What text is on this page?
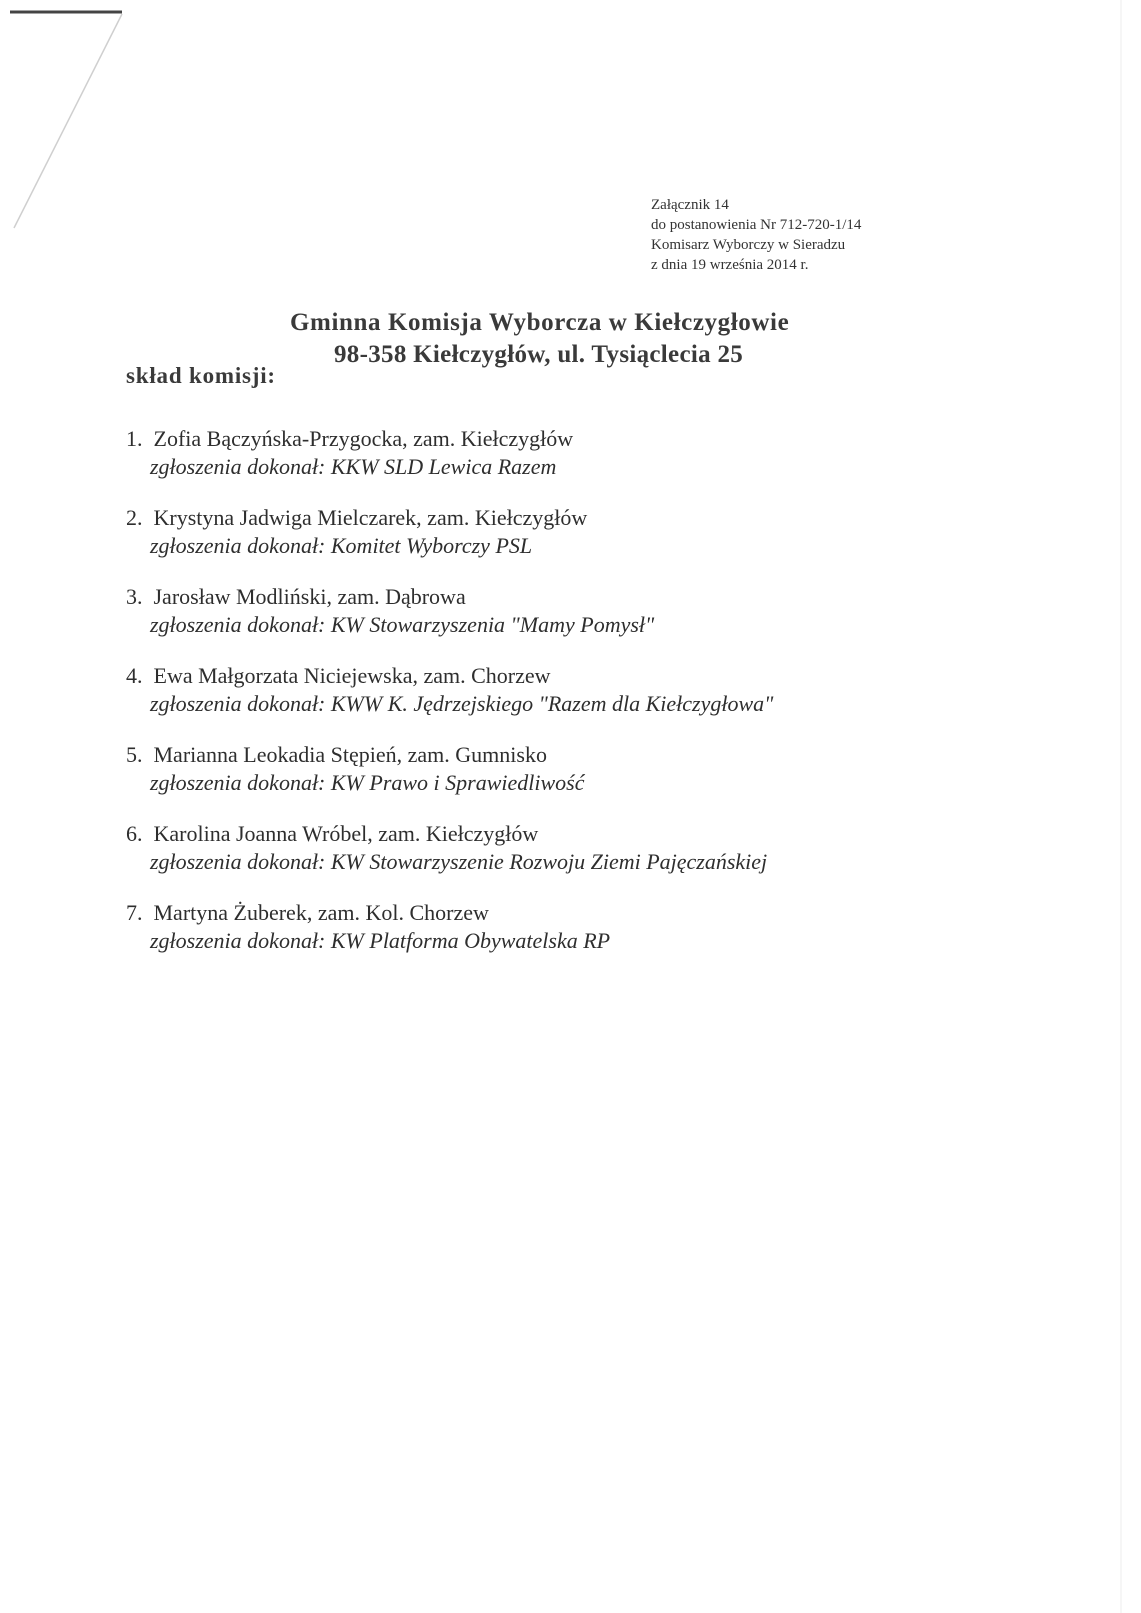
Załącznik 14
do postanowienia Nr 712-720-1/14
Komisarz Wyborczy w Sieradzu
z dnia 19 września 2014 r.
Gminna Komisja Wyborcza w Kiełczygłowie
98-358 Kiełczygłów, ul. Tysiąclecia 25
skład komisji:
1. Zofia Bączyńska-Przygocka, zam. Kiełczygłów
zgłoszenia dokonał: KKW SLD Lewica Razem
2. Krystyna Jadwiga Mielczarek, zam. Kiełczygłów
zgłoszenia dokonał: Komitet Wyborczy PSL
3. Jarosław Modliński, zam. Dąbrowa
zgłoszenia dokonał: KW Stowarzyszenia "Mamy Pomysł"
4. Ewa Małgorzata Niciejewska, zam. Chorzew
zgłoszenia dokonał: KWW K. Jędrzejskiego "Razem dla Kiełczygłowa"
5. Marianna Leokadia Stępień, zam. Gumnisko
zgłoszenia dokonał: KW Prawo i Sprawiedliwość
6. Karolina Joanna Wróbel, zam. Kiełczygłów
zgłoszenia dokonał: KW Stowarzyszenie Rozwoju Ziemi Pajęczańskiej
7. Martyna Żuberek, zam. Kol. Chorzew
zgłoszenia dokonał: KW Platforma Obywatelska RP
